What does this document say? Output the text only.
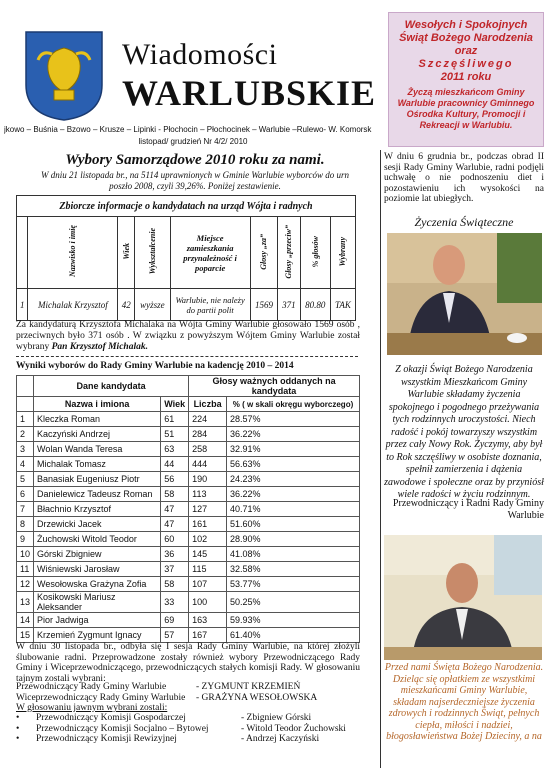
Wiadomości
WARLUBSKIE
jkowo – Buśnia – Bzowo – Krusze – Lipinki - Płochocin – Płochocinek – Warlubie –Rulewo- W. Komorsk
listopad/ grudzień Nr 4/2/ 2010
Wesołych i Spokojnych
Świąt Bożego Narodzenia
oraz
Szczęśliwego
2011 roku
Życzą mieszkańcom Gminy Warlubie pracownicy Gminnego Ośrodka Kultury, Promocji i Rekreacji w Warlubiu.
Wybory Samorządowe 2010 roku za nami.
W dniu 21 listopada br., na 5114 uprawnionych w Gminie Warlubie wyborców do urn poszło 2008, czyli 39,26%. Poniżej zestawienie.
Zbiorcze informacje o kandydatach na urząd Wójta i radnych								
	Nazwisko i imię	Wiek	Wykształcenie	Miejsce zamieszkania przynależność i poparcie	Głosy „za”	Głosy „przeciw”	% głosów	Wybrany
1	Michalak Krzysztof	42	wyższe	Warlubie, nie należy do partii polit	1569	371	80.80	TAK
Za kandydaturą Krzysztofa Michalaka na Wójta Gminy Warlubie głosowało 1569 osób , przeciwnych było 371 osób . W związku z powyższym Wójtem Gminy Warlubie został wybrany Pan Krzysztof Michalak.
Wyniki wyborów do Rady Gminy Warlubie na kadencję 2010 – 2014
	Dane kandydata		Głosy ważnych oddanych na kandydata	
	Nazwa i imiona	Wiek	Liczba	% ( w skali okręgu wyborczego)
1	Kleczka Roman	61	224	28.57%
2	Kaczyński Andrzej	51	284	36.22%
3	Wolan Wanda Teresa	63	258	32.91%
4	Michalak Tomasz	44	444	56.63%
5	Banasiak Eugeniusz Piotr	56	190	24.23%
6	Danielewicz Tadeusz Roman	58	113	36.22%
7	Błachnio Krzysztof	47	127	40.71%
8	Drzewicki Jacek	47	161	51.60%
9	Żuchowski Witold Teodor	60	102	28.90%
10	Górski Zbigniew	36	145	41.08%
11	Wiśniewski Jarosław	37	115	32.58%
12	Wesołowska Grażyna Zofia	58	107	53.77%
13	Kosikowski Mariusz Aleksander	33	100	50.25%
14	Pior Jadwiga	69	163	59.93%
15	Krzemień Zygmunt Ignacy	57	167	61.40%
W dniu 30 listopada br., odbyła się I sesja Rady Gminy Warlubie, na której złożyli ślubowanie radni. Przeprowadzone zostały również wybory Przewodniczącego Rady Gminy i Wiceprzewodniczącego, przewodniczących stałych komisji Rady. W głosowaniu tajnym zostali wybrani:
Przewodniczący Rady Gminy Warlubie	- ZYGMUNT KRZEMIEŃ
Wiceprzewodniczący Rady Gminy Warlubie	- GRAŻYNA WESOŁOWSKA
W głosowaniu jawnym wybrani zostali:
•	Przewodniczący Komisji Gospodarczej	- Zbigniew Górski
•	Przewodniczący Komisji Socjalno – Bytowej	- Witold Teodor Żuchowski
•	Przewodniczący Komisji Rewizyjnej	- Andrzej Kaczyński
W dniu 6 grudnia br., podczas obrad II sesji Rady Gminy Warlubie, radni podjęli uchwałę o nie podnoszeniu diet i pozostawieniu ich wysokości na poziomie lat ubiegłych.
Życzenia Świąteczne
Z okazji Świąt Bożego Narodzenia wszystkim Mieszkańcom Gminy Warlubie składamy życzenia spokojnego i pogodnego przeżywania tych rodzinnych uroczystości. Niech radość i pokój towarzyszy wszystkim przez cały Nowy Rok. Życzymy, aby był to Rok szczęśliwy w osobiste doznania, spełnił zamierzenia i dążenia zawodowe i społeczne oraz by przyniósł wiele radości w życiu rodzinnym.
Przewodniczący i Radni Rady Gminy Warlubie
Przed nami Święta Bożego Narodzenia. Dzieląc się opłatkiem ze wszystkimi mieszkańcami Gminy Warlubie, składam najserdeczniejsze życzenia zdrowych i rodzinnych Świąt, pełnych ciepła, miłości i nadziei, błogosławieństwa Bożej Dzieciny, a na
